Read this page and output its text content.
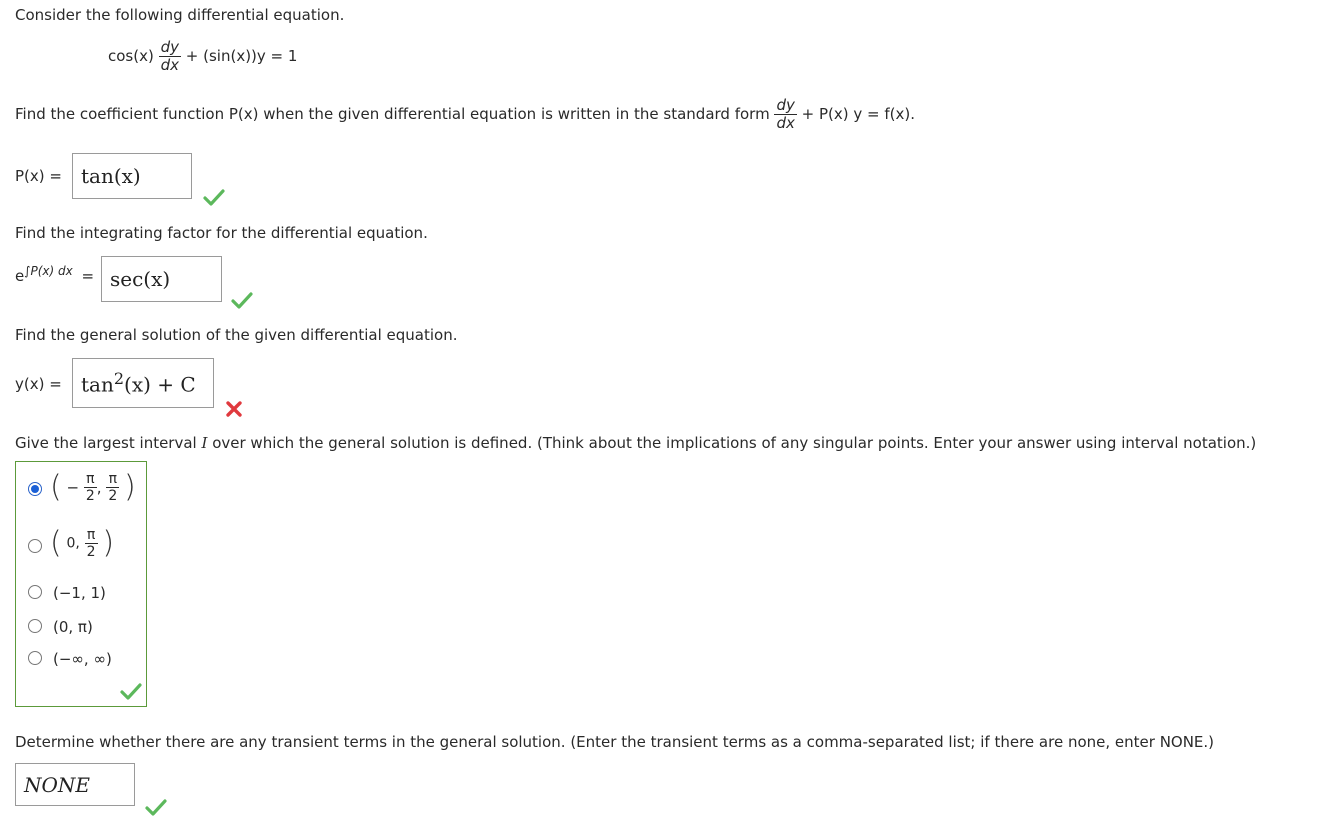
Consider the following differential equation.
$\cos(x) \frac{dy}{dx} + (\sin(x))y = 1$
Find the coefficient function P(x) when the given differential equation is written in the standard form $\frac{dy}{dx} + P(x) y = f(x)$.
P(x) = tan(x)
Find the integrating factor for the differential equation.
$e^{\int P(x) dx} = \sec(x)$
Find the general solution of the given differential equation.
$y(x) = \tan^2(x) + C$
Give the largest interval I over which the general solution is defined. (Think about the implications of any singular points. Enter your answer using interval notation.)
( − $\frac{\pi}{2}$ , $\frac{\pi}{2}$ )
( 0, $\frac{\pi}{2}$ )
(−1, 1)
(0, π)
(−∞, ∞)
Determine whether there are any transient terms in the general solution. (Enter the transient terms as a comma-separated list; if there are none, enter NONE.)
NONE
